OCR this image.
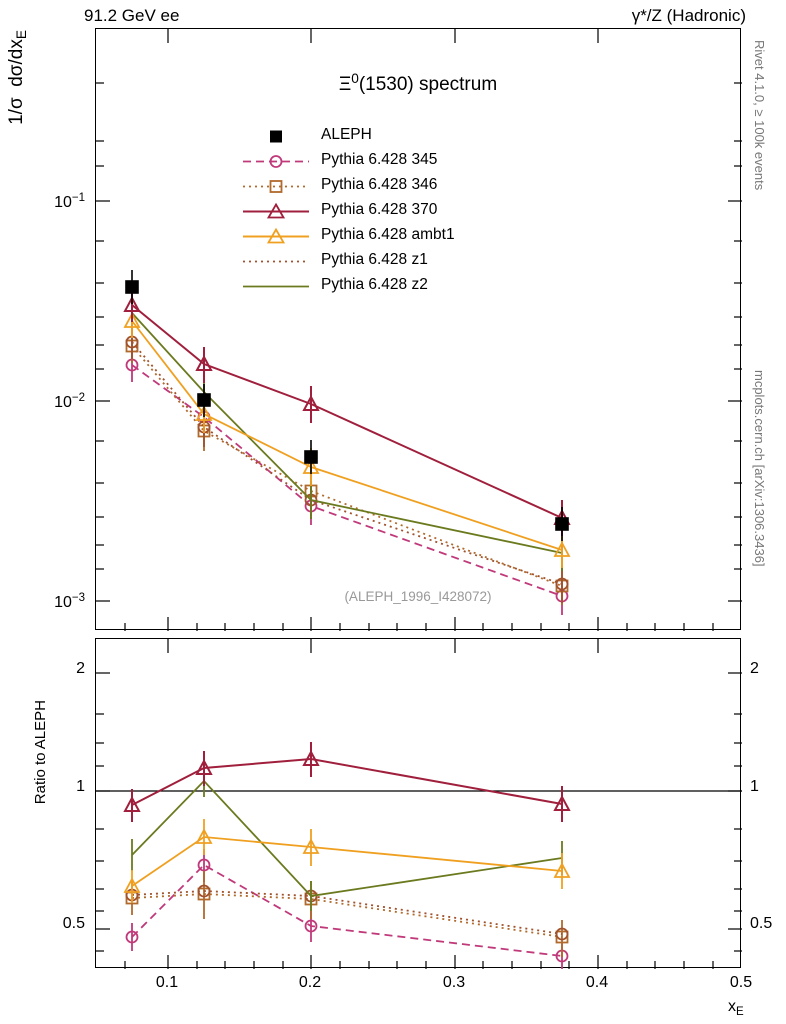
91.2 GeV ee	γ*/Z (Hadronic)
Rivet 4.1.0, ≥ 100k events
mcplots.cern.ch [arXiv:1306.3436]
1/σ  $d\sigma/dx_E$
$10^{-1}$
$10^{-2}$
$10^{-3}$
$\Xi^0(1530)$ spectrum
(ALEPH_1996_I428072)
ALEPH
Pythia 6.428 345
Pythia 6.428 346
Pythia 6.428 370
Pythia 6.428 ambt1
Pythia 6.428 z1
Pythia 6.428 z2
Ratio to ALEPH
2
1
0.5
2
1
0.5
0.1	0.2	0.3	0.4	0.5
$x_E$
